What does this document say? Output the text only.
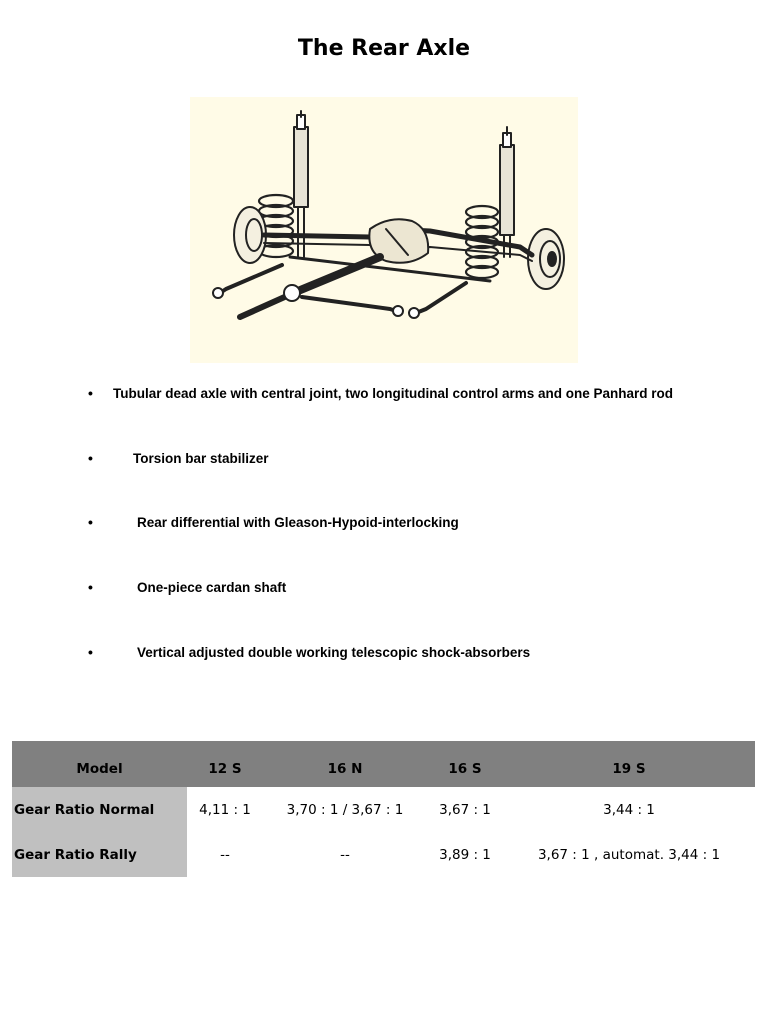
The Rear Axle
• Tubular dead axle with central joint, two longitudinal control arms and one Panhard rod
•	Torsion bar stabilizer
•	Rear differential with Gleason-Hypoid-interlocking
•	One-piece cardan shaft
•	Vertical adjusted double working telescopic shock-absorbers
Model	12 S	16 N	16 S	19 S
Gear Ratio Normal	4,11 : 1	3,70 : 1 / 3,67 : 1	3,67 : 1	3,44 : 1
Gear Ratio Rally	--	--	3,89 : 1	3,67 : 1 , automat. 3,44 : 1
